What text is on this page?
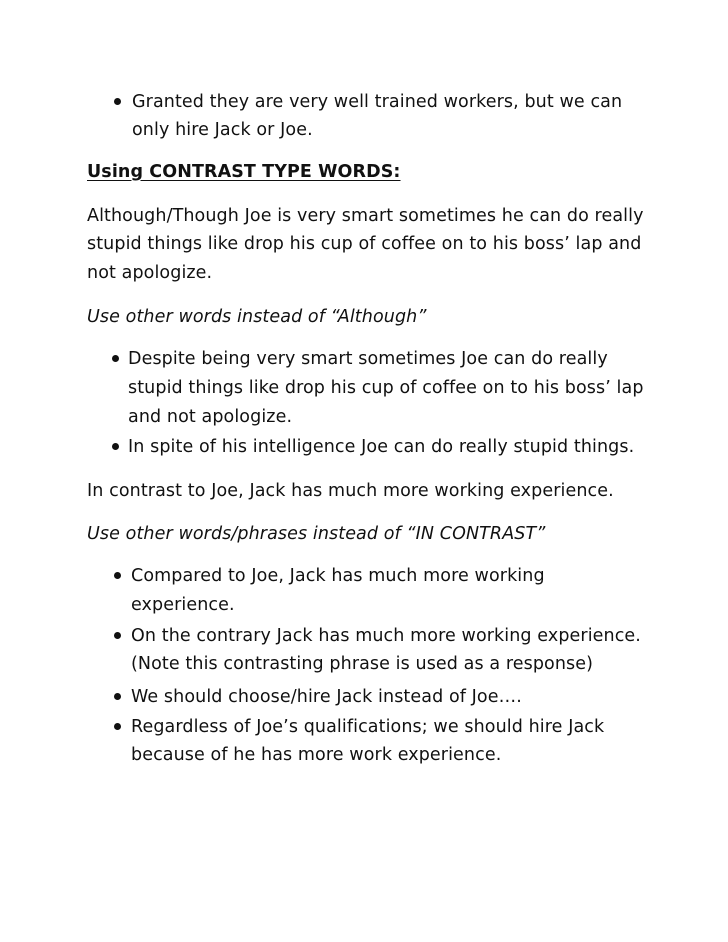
Granted they are very well trained workers, but we can
only hire Jack or Joe.
Using CONTRAST TYPE WORDS:
Although/Though Joe is very smart sometimes he can do really
stupid things like drop his cup of coffee on to his boss’ lap and
not apologize.
Use other words instead of “Although”
Despite being very smart sometimes Joe can do really
stupid things like drop his cup of coffee on to his boss’ lap
and not apologize.
In spite of his intelligence Joe can do really stupid things.
In contrast to Joe, Jack has much more working experience.
Use other words/phrases instead of “IN CONTRAST”
Compared to Joe, Jack has much more working
experience.
On the contrary Jack has much more working experience.
(Note this contrasting phrase is used as a response)
We should choose/hire Jack instead of Joe….
Regardless of Joe’s qualifications; we should hire Jack
because of he has more work experience.
